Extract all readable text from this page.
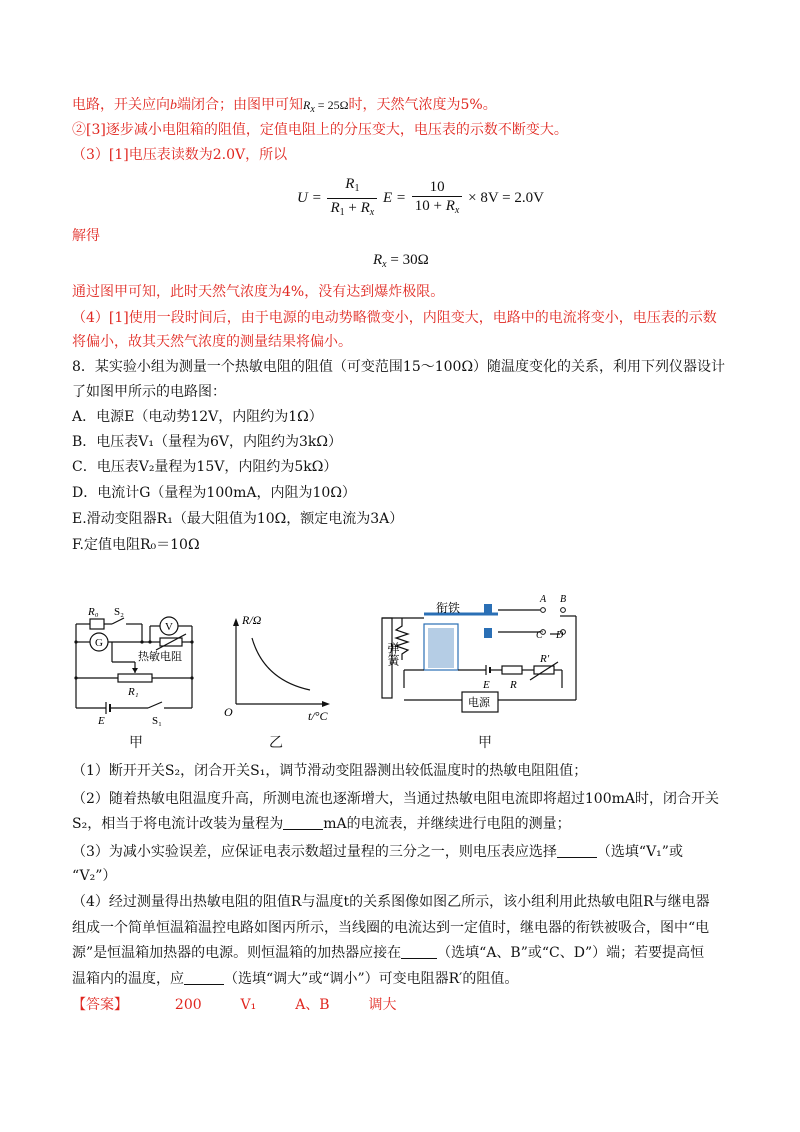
电路，开关应向b端闭合；由图甲可知$R_x = 25\Omega$时，天然气浓度为5%。
②[3]逐步减小电阻箱的阻值，定值电阻上的分压变大，电压表的示数不断变大。
（3）[1]电压表读数为2.0V，所以
$U = \frac{R_1}{R_1 + R_x}$ $E = \frac{10}{10 + R_x} \times 8V = 2.0V$
解得
$R_x = 30\Omega$
通过图甲可知，此时天然气浓度为4%，没有达到爆炸极限。
（4）[1]使用一段时间后，由于电源的电动势略微变小，内阻变大，电路中的电流将变小，电压表的示数
将偏小，故其天然气浓度的测量结果将偏小。
8．某实验小组为测量一个热敏电阻的阻值（可变范围15～100Ω）随温度变化的关系，利用下列仪器设计
了如图甲所示的电路图：
A．电源E（电动势12V，内阻约为1Ω）
B．电压表V₁（量程为6V，内阻约为3kΩ）
C．电压表V₂量程为15V，内阻约为5kΩ）
D．电流计G（量程为100mA，内阻为10Ω）
E.滑动变阻器R₁（最大阻值为10Ω，额定电流为3A）
F.定值电阻R₀＝10Ω
R₀ S₂
G
V
热敏电阻
R₁
E	S₁
甲
R/Ω
t/°C
O
乙
衔铁
弹簧
A B
C D
R′
R
E
电源
甲
（1）断开开关S₂，闭合开关S₁，调节滑动变阻器测出较低温度时的热敏电阻阻值；
（2）随着热敏电阻温度升高，所测电流也逐渐增大，当通过热敏电阻电流即将超过100mA时，闭合开关
S₂，相当于将电流计改装为量程为	mA的电流表，并继续进行电阻的测量；
（3）为减小实验误差，应保证电表示数超过量程的三分之一，则电压表应选择	（选填“V₁”或
“V₂”）
（4）经过测量得出热敏电阻的阻值R与温度t的关系图像如图乙所示，该小组利用此热敏电阻R与继电器
组成一个简单恒温箱温控电路如图丙所示，当线圈的电流达到一定值时，继电器的衔铁被吸合，图中“电
源”是恒温箱加热器的电源。则恒温箱的加热器应接在	（选填“A、B”或“C、D”）端；若要提高恒
温箱内的温度，应	（选填“调大”或“调小”）可变电阻器R′的阻值。
【答案】	200	V₁	A、B	调大
